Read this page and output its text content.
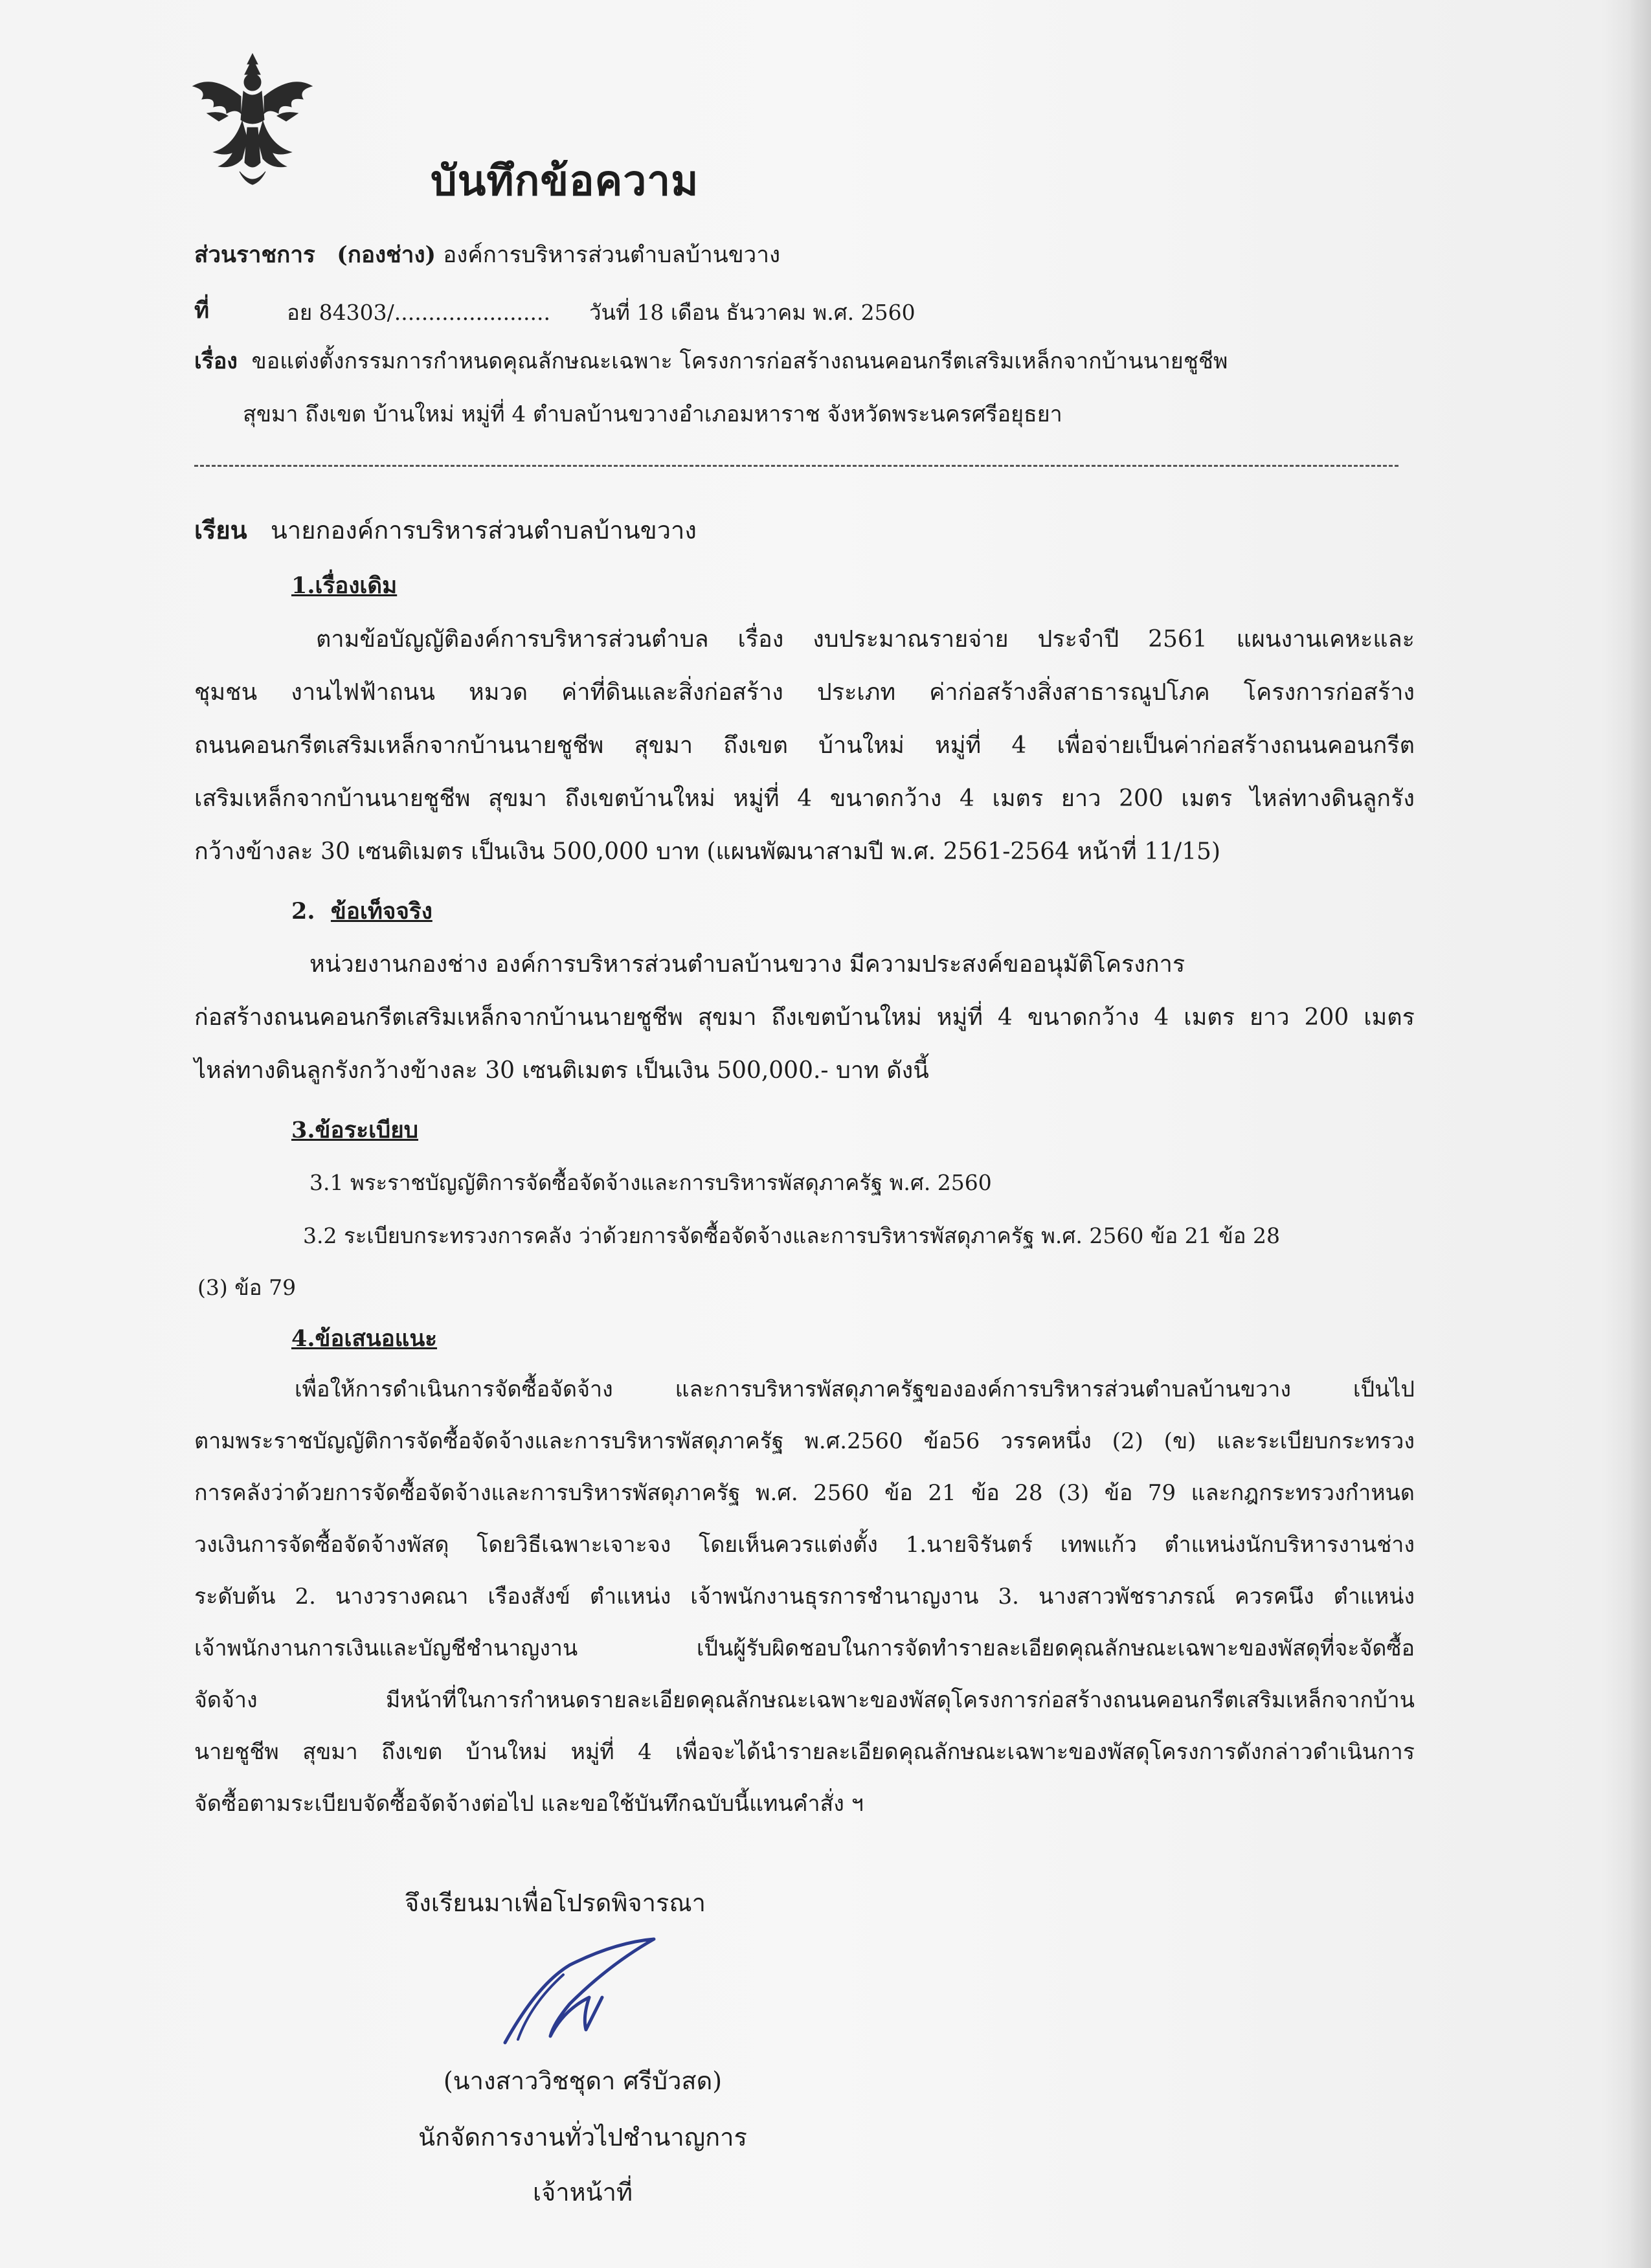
บันทึกข้อความ
ส่วนราชการ (กองช่าง) องค์การบริหารส่วนตำบลบ้านขวาง
ที่	อย 84303/....................... วันที่ 18 เดือน ธันวาคม พ.ศ. 2560
เรื่อง ขอแต่งตั้งกรรมการกำหนดคุณลักษณะเฉพาะ โครงการก่อสร้างถนนคอนกรีตเสริมเหล็กจากบ้านนายชูชีพ
สุขมา ถึงเขต บ้านใหม่ หมู่ที่ 4 ตำบลบ้านขวางอำเภอมหาราช จังหวัดพระนครศรีอยุธยา
เรียน นายกองค์การบริหารส่วนตำบลบ้านขวาง
1.เรื่องเดิม
ตามข้อบัญญัติองค์การบริหารส่วนตำบล เรื่อง งบประมาณรายจ่าย ประจำปี 2561 แผนงานเคหะและ
ชุมชน งานไฟฟ้าถนน หมวด ค่าที่ดินและสิ่งก่อสร้าง ประเภท ค่าก่อสร้างสิ่งสาธารณูปโภค โครงการก่อสร้าง
ถนนคอนกรีตเสริมเหล็กจากบ้านนายชูชีพ สุขมา ถึงเขต บ้านใหม่ หมู่ที่ 4 เพื่อจ่ายเป็นค่าก่อสร้างถนนคอนกรีต
เสริมเหล็กจากบ้านนายชูชีพ สุขมา ถึงเขตบ้านใหม่ หมู่ที่ 4 ขนาดกว้าง 4 เมตร ยาว 200 เมตร ไหล่ทางดินลูกรัง
กว้างข้างละ 30 เซนติเมตร เป็นเงิน 500,000 บาท (แผนพัฒนาสามปี พ.ศ. 2561-2564 หน้าที่ 11/15)
2. ข้อเท็จจริง
หน่วยงานกองช่าง องค์การบริหารส่วนตำบลบ้านขวาง มีความประสงค์ขออนุมัติโครงการ
ก่อสร้างถนนคอนกรีตเสริมเหล็กจากบ้านนายชูชีพ สุขมา ถึงเขตบ้านใหม่ หมู่ที่ 4 ขนาดกว้าง 4 เมตร ยาว 200 เมตร
ไหล่ทางดินลูกรังกว้างข้างละ 30 เซนติเมตร เป็นเงิน 500,000.- บาท ดังนี้
3.ข้อระเบียบ
3.1 พระราชบัญญัติการจัดซื้อจัดจ้างและการบริหารพัสดุภาครัฐ พ.ศ. 2560
3.2 ระเบียบกระทรวงการคลัง ว่าด้วยการจัดซื้อจัดจ้างและการบริหารพัสดุภาครัฐ พ.ศ. 2560 ข้อ 21 ข้อ 28
(3) ข้อ 79
4.ข้อเสนอแนะ
เพื่อให้การดำเนินการจัดซื้อจัดจ้าง และการบริหารพัสดุภาครัฐขององค์การบริหารส่วนตำบลบ้านขวาง เป็นไป
ตามพระราชบัญญัติการจัดซื้อจัดจ้างและการบริหารพัสดุภาครัฐ พ.ศ.2560 ข้อ56 วรรคหนึ่ง (2) (ข) และระเบียบกระทรวง
การคลังว่าด้วยการจัดซื้อจัดจ้างและการบริหารพัสดุภาครัฐ พ.ศ. 2560 ข้อ 21 ข้อ 28 (3) ข้อ 79 และกฎกระทรวงกำหนด
วงเงินการจัดซื้อจัดจ้างพัสดุ โดยวิธีเฉพาะเจาะจง โดยเห็นควรแต่งตั้ง 1.นายจิรันตร์ เทพแก้ว ตำแหน่งนักบริหารงานช่าง
ระดับต้น 2. นางวรางคณา เรืองสังข์ ตำแหน่ง เจ้าพนักงานธุรการชำนาญงาน 3. นางสาวพัชราภรณ์ ควรคนึง ตำแหน่ง
เจ้าพนักงานการเงินและบัญชีชำนาญงาน เป็นผู้รับผิดชอบในการจัดทำรายละเอียดคุณลักษณะเฉพาะของพัสดุที่จะจัดซื้อ
จัดจ้าง มีหน้าที่ในการกำหนดรายละเอียดคุณลักษณะเฉพาะของพัสดุโครงการก่อสร้างถนนคอนกรีตเสริมเหล็กจากบ้าน
นายชูชีพ สุขมา ถึงเขต บ้านใหม่ หมู่ที่ 4 เพื่อจะได้นำรายละเอียดคุณลักษณะเฉพาะของพัสดุโครงการดังกล่าวดำเนินการ
จัดซื้อตามระเบียบจัดซื้อจัดจ้างต่อไป และขอใช้บันทึกฉบับนี้แทนคำสั่ง ฯ
จึงเรียนมาเพื่อโปรดพิจารณา
(นางสาววิชชุดา ศรีบัวสด)
นักจัดการงานทั่วไปชำนาญการ
เจ้าหน้าที่
